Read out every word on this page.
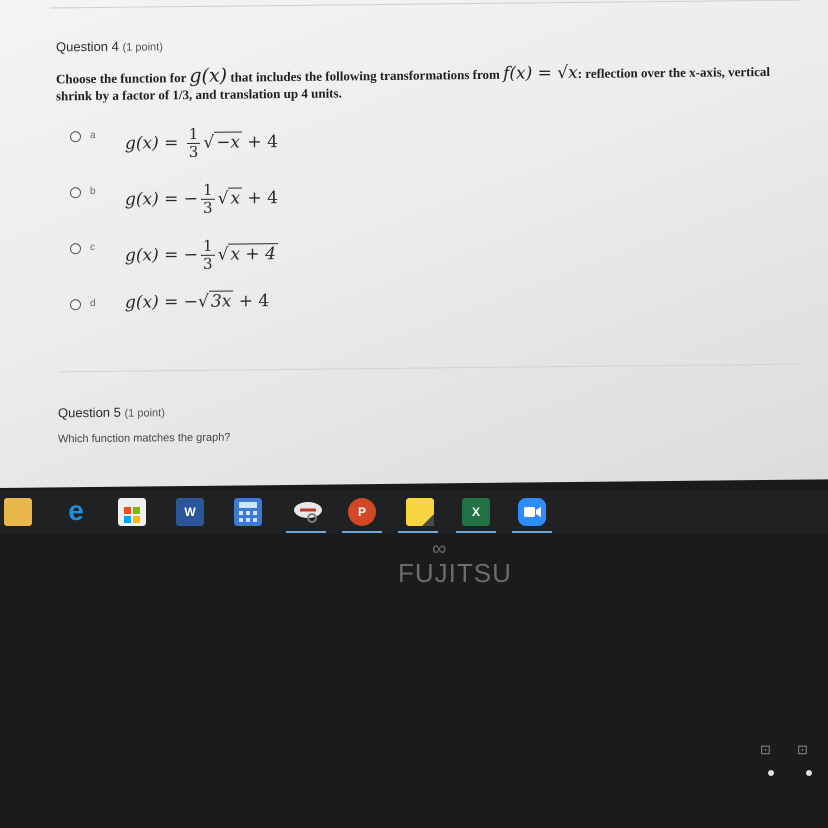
Question 4 (1 point)
Choose the function for g(x) that includes the following transformations from f(x) = √x: reflection over the x-axis, vertical shrink by a factor of 1/3, and translation up 4 units.
a $g(x) = \frac{1}{3}$ √ −x + 4
b g(x) = − $\frac{1}{3}$ √ x + 4
c g(x) = − $\frac{1}{3}$ √ x + 4
d g(x) = −√ 3x + 4
Question 5 (1 point)
Which function matches the graph?
e	W	P	X
∞
FUJITSU
⊡ ⊡
